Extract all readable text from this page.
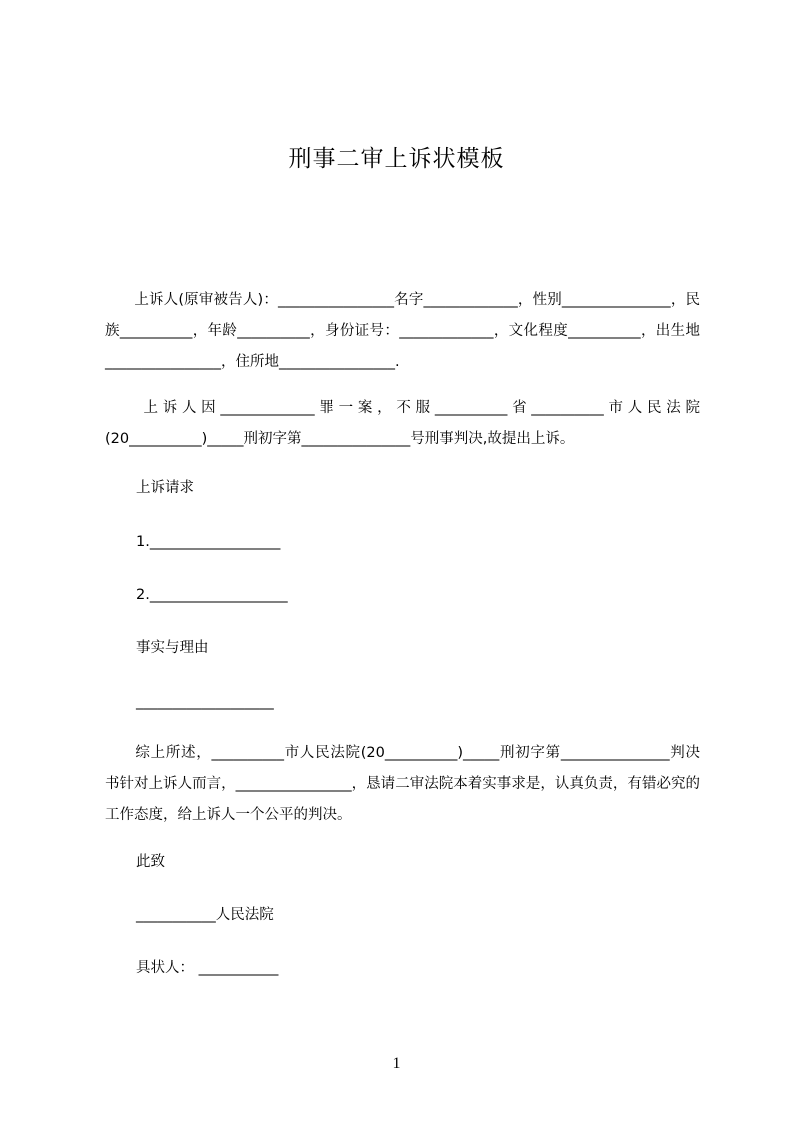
刑事二审上诉状模板
　　上诉人(原审被告人)：________________名字_____________，性别_______________，民族__________，年龄__________，身份证号：_____________，文化程度__________，出生地________________，住所地________________.
　　上诉人因_____________罪一案，不服__________省__________市人民法院(20__________)_____刑初字第_______________号刑事判决,故提出上诉。
上诉请求
1.__________________
2.___________________
事实与理由
___________________
　　综上所述，__________市人民法院(20__________)_____刑初字第_______________判决书针对上诉人而言，________________，恳请二审法院本着实事求是，认真负责，有错必究的工作态度，给上诉人一个公平的判决。
此致
___________人民法院
具状人： ___________
1
